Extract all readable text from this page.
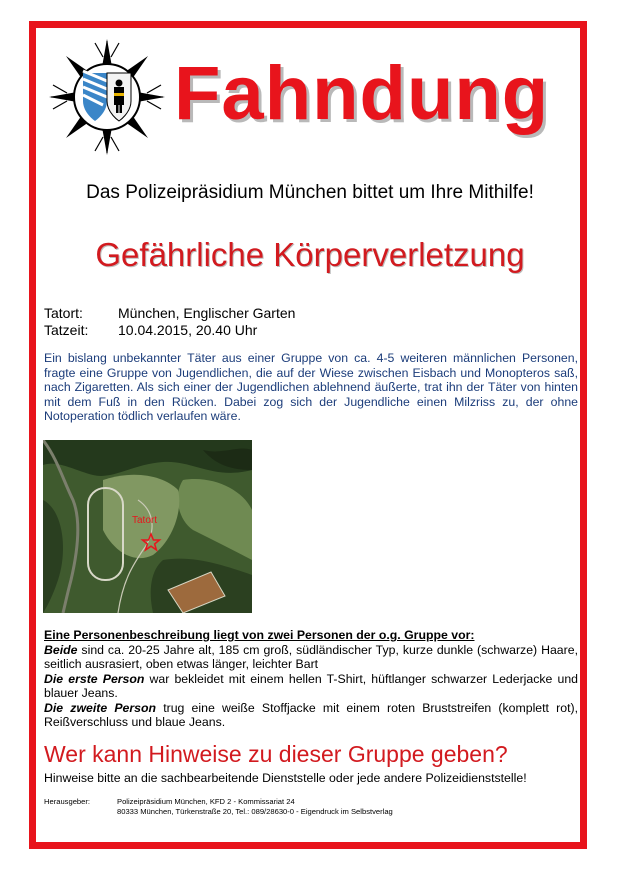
Fahndung
Das Polizeipräsidium München bittet um Ihre Mithilfe!
Gefährliche Körperverletzung
Tatort:	München, Englischer Garten
Tatzeit:	10.04.2015, 20.40 Uhr
Ein bislang unbekannter Täter aus einer Gruppe von ca. 4-5 weiteren männlichen Personen, fragte eine Gruppe von Jugendlichen, die auf der Wiese zwischen Eisbach und Monopteros saß, nach Zigaretten. Als sich einer der Jugendlichen ablehnend äußerte, trat ihn der Täter von hinten mit dem Fuß in den Rücken. Dabei zog sich der Jugendliche einen Milzriss zu, der ohne Notoperation tödlich verlaufen wäre.
Tatort

Eine Personenbeschreibung liegt von zwei Personen der o.g. Gruppe vor:

Beide sind ca. 20-25 Jahre alt, 185 cm groß, südländischer Typ, kurze dunkle (schwarze) Haare, seitlich ausrasiert, oben etwas länger, leichter Bart

Die erste Person war bekleidet mit einem hellen T-Shirt, hüftlanger schwarzer Lederjacke und blauer Jeans.

Die zweite Person trug eine weiße Stoffjacke mit einem roten Bruststreifen (komplett rot), Reißverschluss und blaue Jeans.

Wer kann Hinweise zu dieser Gruppe geben?
Hinweise bitte an die sachbearbeitende Dienststelle oder jede andere Polizeidienststelle!
Herausgeber:	Polizeipräsidium München, KFD 2 - Kommissariat 24
80333 München, Türkenstraße 20, Tel.: 089/28630-0 - Eigendruck im Selbstverlag
